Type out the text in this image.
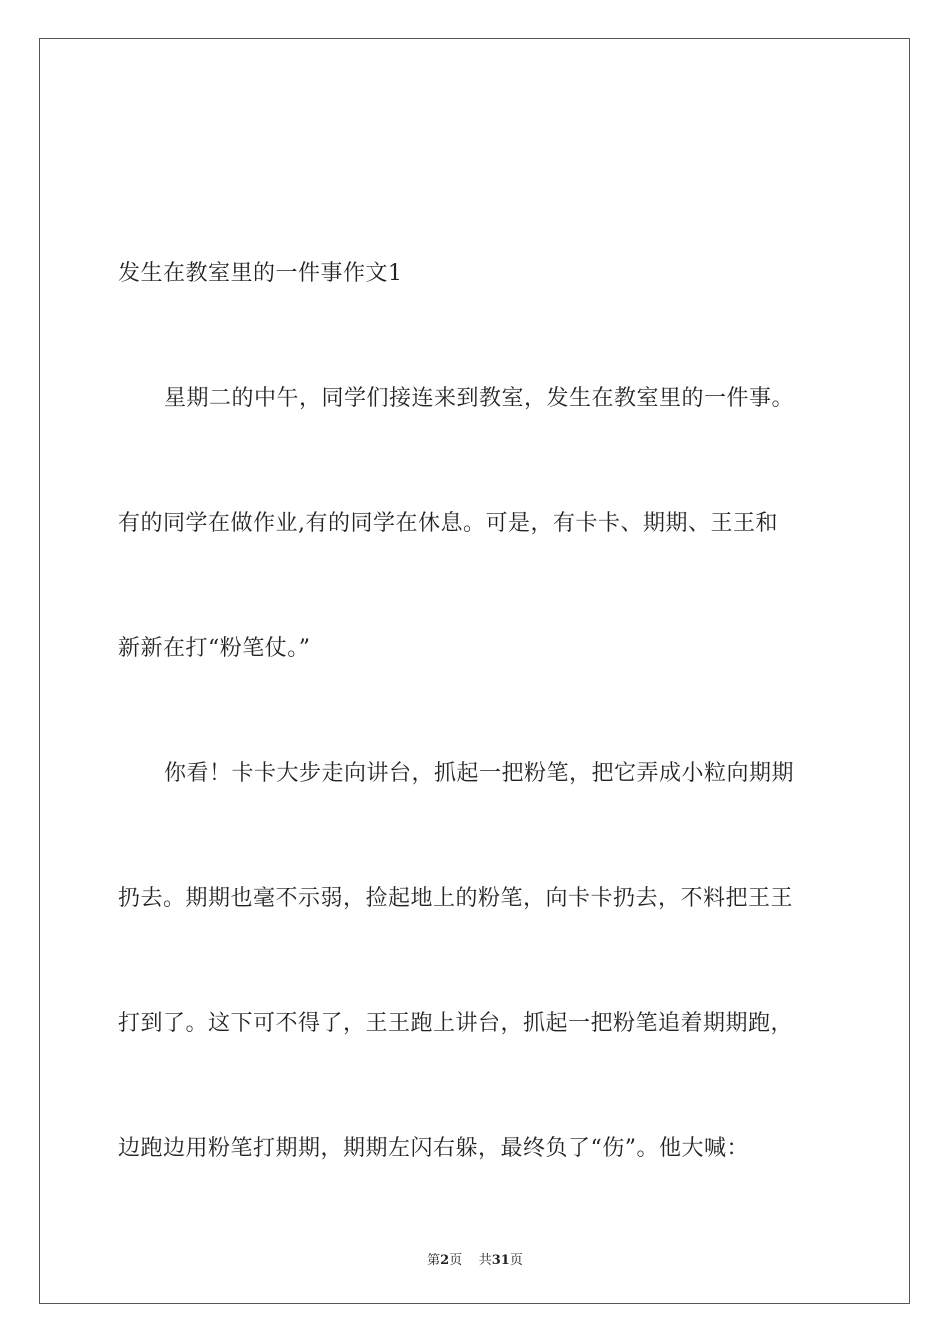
发生在教室里的一件事作文1
星期二的中午，同学们接连来到教室，发生在教室里的一件事。
有的同学在做作业,有的同学在休息。可是，有卡卡、期期、王王和
新新在打“粉笔仗。”
你看！卡卡大步走向讲台，抓起一把粉笔，把它弄成小粒向期期
扔去。期期也毫不示弱，捡起地上的粉笔，向卡卡扔去，不料把王王
打到了。这下可不得了，王王跑上讲台，抓起一把粉笔追着期期跑，
边跑边用粉笔打期期，期期左闪右躲，最终负了“伤”。他大喊：
第2页 共31页
